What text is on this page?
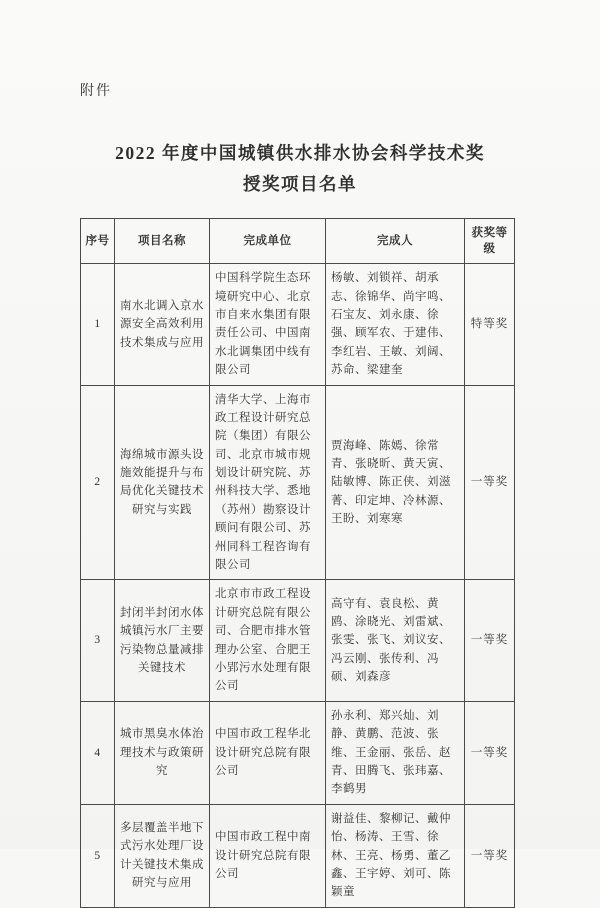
附件
2022 年度中国城镇供水排水协会科学技术奖
授奖项目名单
序号	项目名称	完成单位	完成人	获奖等级
1	南水北调入京水源安全高效利用技术集成与应用	中国科学院生态环境研究中心、北京市自来水集团有限责任公司、中国南水北调集团中线有限公司	杨敏、刘锁祥、胡承志、徐锦华、尚宇鸣、石宝友、刘永康、徐强、顾军农、于建伟、李红岩、王敏、刘阔、苏命、梁建奎	特等奖
2	海绵城市源头设施效能提升与布局优化关键技术研究与实践	清华大学、上海市政工程设计研究总院（集团）有限公司、北京市城市规划设计研究院、苏州科技大学、悉地（苏州）勘察设计顾问有限公司、苏州同科工程咨询有限公司	贾海峰、陈嫣、徐常青、张晓昕、黄天寅、陆敏博、陈正侠、刘滋菁、印定坤、冷林源、王盼、刘寒寒	一等奖
3	封闭半封闭水体城镇污水厂主要污染物总量减排关键技术	北京市市政工程设计研究总院有限公司、合肥市排水管理办公室、合肥王小郢污水处理有限公司	高守有、袁良松、黄鸥、涂晓光、刘雷斌、张雯、张飞、刘议安、冯云刚、张传利、冯硕、刘森彦	一等奖
4	城市黑臭水体治理技术与政策研究	中国市政工程华北设计研究总院有限公司	孙永利、郑兴灿、刘静、黄鹏、范波、张维、王金丽、张岳、赵青、田腾飞、张玮嘉、李鹤男	一等奖
5	多层覆盖半地下式污水处理厂设计关键技术集成研究与应用	中国市政工程中南设计研究总院有限公司	谢益佳、黎柳记、戴仲怡、杨涛、王雪、徐林、王亮、杨勇、董乙鑫、王宇婷、刘可、陈颖童	一等奖
